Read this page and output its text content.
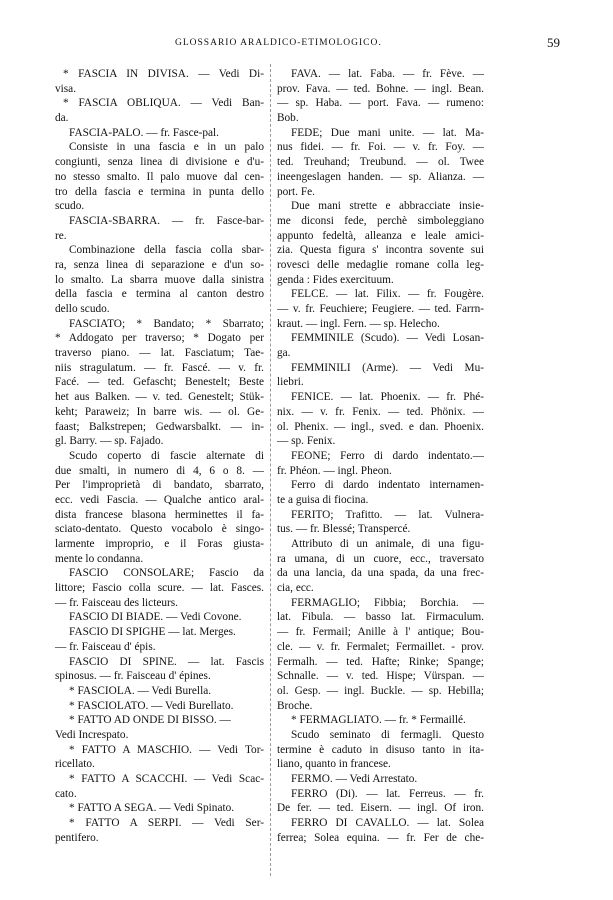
GLOSSARIO ARALDICO-ETIMOLOGICO.	59
* FASCIA IN DIVISA. — Vedi Di-
visa.
* FASCIA OBLIQUA. — Vedi Ban-
da.
FASCIA-PALO. — fr. Fasce-pal.
Consiste in una fascia e in un palo
congiunti, senza linea di divisione e d'u-
no stesso smalto. Il palo muove dal cen-
tro della fascia e termina in punta dello
scudo.
FASCIA-SBARRA. — fr. Fasce-bar-
re.
Combinazione della fascia colla sbar-
ra, senza linea di separazione e d'un so-
lo smalto. La sbarra muove dalla sinistra
della fascia e termina al canton destro
dello scudo.
FASCIATO; * Bandato; * Sbarrato;
* Addogato per traverso; * Dogato per
traverso piano. — lat. Fasciatum; Tae-
niis stragulatum. — fr. Fascé. — v. fr.
Facé. — ted. Gefascht; Benestelt; Beste
het aus Balken. — v. ted. Genestelt; Stük-
keht; Paraweiz; In barre wis. — ol. Ge-
faast; Balkstrepen; Gedwarsbalkt. — in-
gl. Barry. — sp. Fajado.
Scudo coperto di fascie alternate di
due smalti, in numero di 4, 6 o 8. —
Per l'improprietà di bandato, sbarrato,
ecc. vedi Fascia. — Qualche antico aral-
dista francese blasona herminettes il fa-
sciato-dentato. Questo vocabolo è singo-
larmente improprio, e il Foras giusta-
mente lo condanna.
FASCIO CONSOLARE; Fascio da
littore; Fascio colla scure. — lat. Fasces.
— fr. Faisceau des licteurs.
FASCIO DI BIADE. — Vedi Covone.
FASCIO DI SPIGHE — lat. Merges.
— fr. Faisceau d' épis.
FASCIO DI SPINE. — lat. Fascis
spinosus. — fr. Faisceau d' épines.
* FASCIOLA. — Vedi Burella.
* FASCIOLATO. — Vedi Burellato.
* FATTO AD ONDE DI BISSO. —
Vedi Increspato.
* FATTO A MASCHIO. — Vedi Tor-
ricellato.
* FATTO A SCACCHI. — Vedi Scac-
cato.
* FATTO A SEGA. — Vedi Spinato.
* FATTO A SERPI. — Vedi Ser-
pentifero.
FAVA. — lat. Faba. — fr. Fève. —
prov. Fava. — ted. Bohne. — ingl. Bean.
— sp. Haba. — port. Fava. — rumeno:
Bob.
FEDE; Due mani unite. — lat. Ma-
nus fidei. — fr. Foi. — v. fr. Foy. —
ted. Treuhand; Treubund. — ol. Twee
ineengeslagen handen. — sp. Alianza. —
port. Fe.
Due mani strette e abbracciate insie-
me diconsi fede, perchè simboleggiano
appunto fedeltà, alleanza e leale amici-
zia. Questa figura s' incontra sovente sui
rovesci delle medaglie romane colla leg-
genda : Fides exercituum.
FELCE. — lat. Filix. — fr. Fougère.
— v. fr. Feuchiere; Feugiere. — ted. Farrn-
kraut. — ingl. Fern. — sp. Helecho.
FEMMINILE (Scudo). — Vedi Losan-
ga.
FEMMINILI (Arme). — Vedi Mu-
liebri.
FENICE. — lat. Phoenix. — fr. Phé-
nix. — v. fr. Fenix. — ted. Phönix. —
ol. Phenix. — ingl., sved. e dan. Phoenix.
— sp. Fenix.
FEONE; Ferro di dardo indentato.—
fr. Phéon. — ingl. Pheon.
Ferro di dardo indentato internamen-
te a guisa di fiocina.
FERITO; Trafitto. — lat. Vulnera-
tus. — fr. Blessé; Transpercé.
Attributo di un animale, di una figu-
ra umana, di un cuore, ecc., traversato
da una lancia, da una spada, da una frec-
cia, ecc.
FERMAGLIO; Fibbia; Borchia. —
lat. Fibula. — basso lat. Firmaculum.
— fr. Fermail; Anille à l' antique; Bou-
cle. — v. fr. Fermalet; Fermaillet. - prov.
Fermalh. — ted. Hafte; Rinke; Spange;
Schnalle. — v. ted. Hispe; Vürspan. —
ol. Gesp. — ingl. Buckle. — sp. Hebilla;
Broche.
* FERMAGLIATO. — fr. * Fermaillé.
Scudo seminato di fermagli. Questo
termine è caduto in disuso tanto in ita-
liano, quanto in francese.
FERMO. — Vedi Arrestato.
FERRO (Di). — lat. Ferreus. — fr.
De fer. — ted. Eisern. — ingl. Of iron.
FERRO DI CAVALLO. — lat. Solea
ferrea; Solea equina. — fr. Fer de che-
